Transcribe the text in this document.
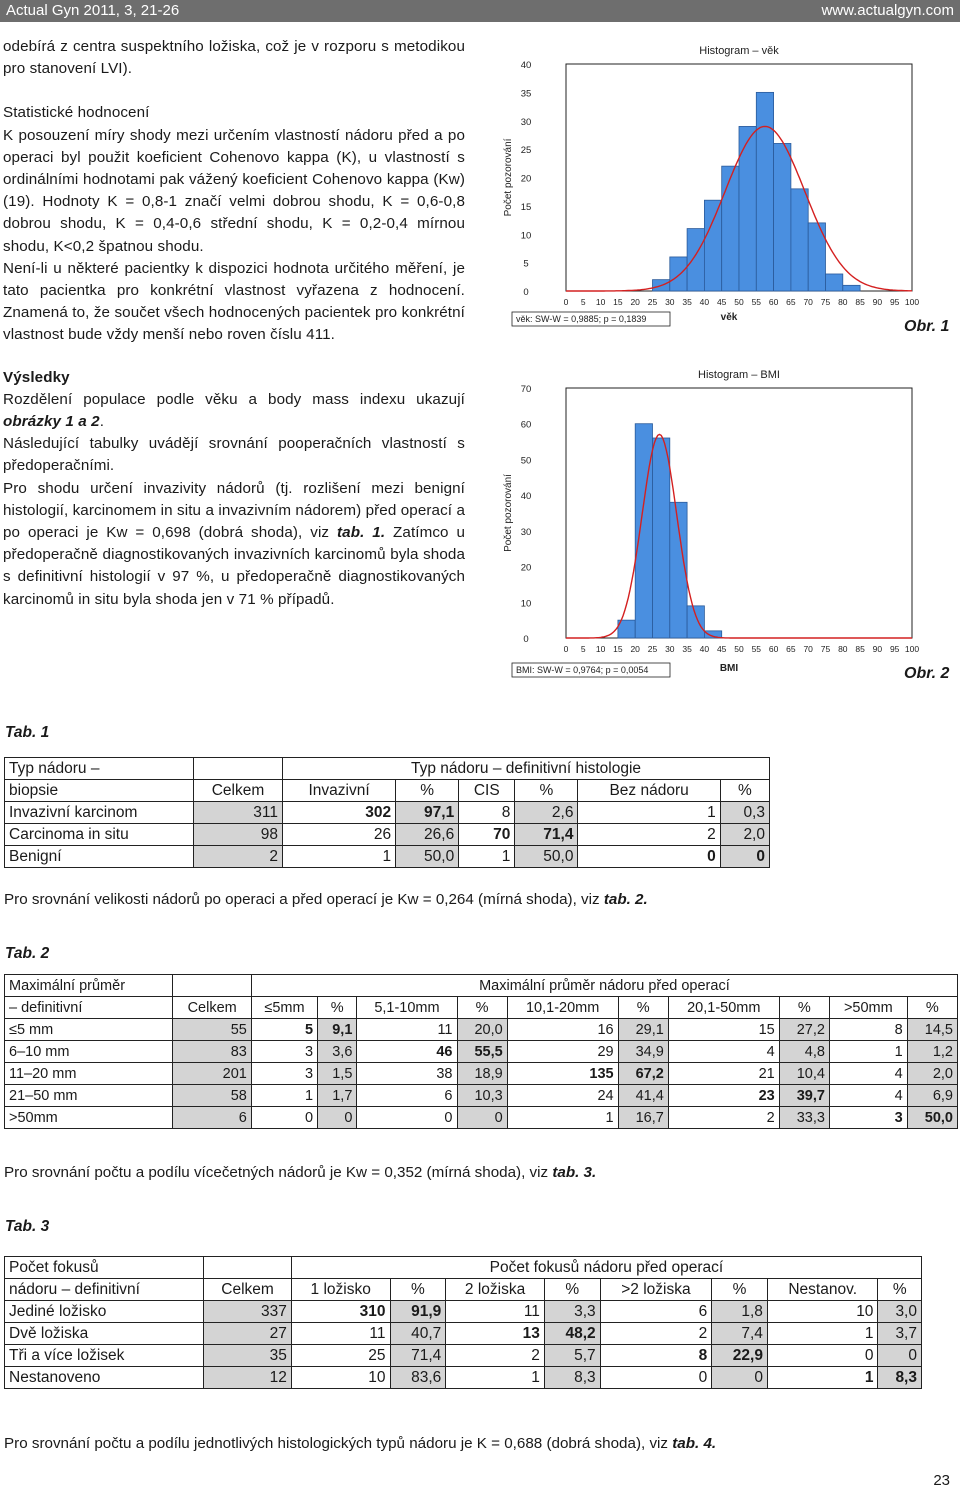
Actual Gyn 2011, 3, 21-26	www.actualgyn.com

odebírá z centra suspektního ložiska, což je v rozporu s metodikou pro stanovení LVI).

Statistické hodnocení

K posouzení míry shody mezi určením vlastností nádoru před a po operaci byl použit koeficient Cohenovo kappa (K), u vlastností s ordinálními hodnotami pak vážený koeficient Cohenovo kappa (Kw) (19). Hodnoty K = 0,8-1 značí velmi dobrou shodu, K = 0,6-0,8 dobrou shodu, K = 0,4-0,6 střední shodu, K = 0,2-0,4 mírnou shodu, K<0,2 špatnou shodu.

Není-li u některé pacientky k dispozici hodnota určitého měření, je tato pacientka pro konkrétní vlastnost vyřazena z hodnocení. Znamená to, že součet všech hodnocených pacientek pro konkrétní vlastnost bude vždy menší nebo roven číslu 411.

Výsledky

Rozdělení populace podle věku a body mass indexu ukazují obrázky 1 a 2.

Následující tabulky uvádějí srovnání pooperačních vlastností s předoperačními.

Pro shodu určení invazivity nádorů (tj. rozlišení mezi benigní histologií, karcinomem in situ a invazivním nádorem) před operací a po operaci je Kw = 0,698 (dobrá shoda), viz tab. 1. Zatímco u předoperačně diagnostikovaných invazivních karcinomů byla shoda s definitivní histologií v 97 %, u předoperačně diagnostikovaných karcinomů in situ byla shoda jen v 71 % případů.

Histogram – věk
0
5
10
15
20
25
30
35
40
Počet pozorování
0 5 10 15 20 25 30 35 40 45 50 55 60 65 70 75 80 85 90 95 100
věk
věk: SW-W = 0,9885; p = 0,1839	Obr. 1
Histogram – BMI
0
10
20
30
40
50
60
70
Počet pozorování
0 5 10 15 20 25 30 35 40 45 50 55 60 65 70 75 80 85 90 95 100
BMI
BMI: SW-W = 0,9764; p = 0,0054	Obr. 2
Tab. 1
Typ nádoru –		Typ nádoru – definitivní histologie					
biopsie	Celkem	Invazivní	%	CIS	%	Bez nádoru	%
Invazivní karcinom	311	302	97,1	8	2,6	1	0,3
Carcinoma in situ	98	26	26,6	70	71,4	2	2,0
Benigní	2	1	50,0	1	50,0	0	0
Pro srovnání velikosti nádorů po operaci a před operací je Kw = 0,264 (mírná shoda), viz tab. 2.
Tab. 2
Maximální průměr		Maximální průměr nádoru před operací									
– definitivní	Celkem	≤5mm	%	5,1-10mm	%	10,1-20mm	%	20,1-50mm	%	>50mm	%
≤5 mm	55	5	9,1	11	20,0	16	29,1	15	27,2	8	14,5
6–10 mm	83	3	3,6	46	55,5	29	34,9	4	4,8	1	1,2
11–20 mm	201	3	1,5	38	18,9	135	67,2	21	10,4	4	2,0
21–50 mm	58	1	1,7	6	10,3	24	41,4	23	39,7	4	6,9
>50mm	6	0	0	0	0	1	16,7	2	33,3	3	50,0
Pro srovnání počtu a podílu vícečetných nádorů je Kw = 0,352 (mírná shoda), viz tab. 3.
Tab. 3
Počet fokusů		Počet fokusů nádoru před operací							
nádoru – definitivní	Celkem	1 ložisko	%	2 ložiska	%	>2 ložiska	%	Nestanov.	%
Jediné ložisko	337	310	91,9	11	3,3	6	1,8	10	3,0
Dvě ložiska	27	11	40,7	13	48,2	2	7,4	1	3,7
Tři a více ložisek	35	25	71,4	2	5,7	8	22,9	0	0
Nestanoveno	12	10	83,6	1	8,3	0	0	1	8,3
Pro srovnání počtu a podílu jednotlivých histologických typů nádoru je K = 0,688 (dobrá shoda), viz tab. 4.
23
